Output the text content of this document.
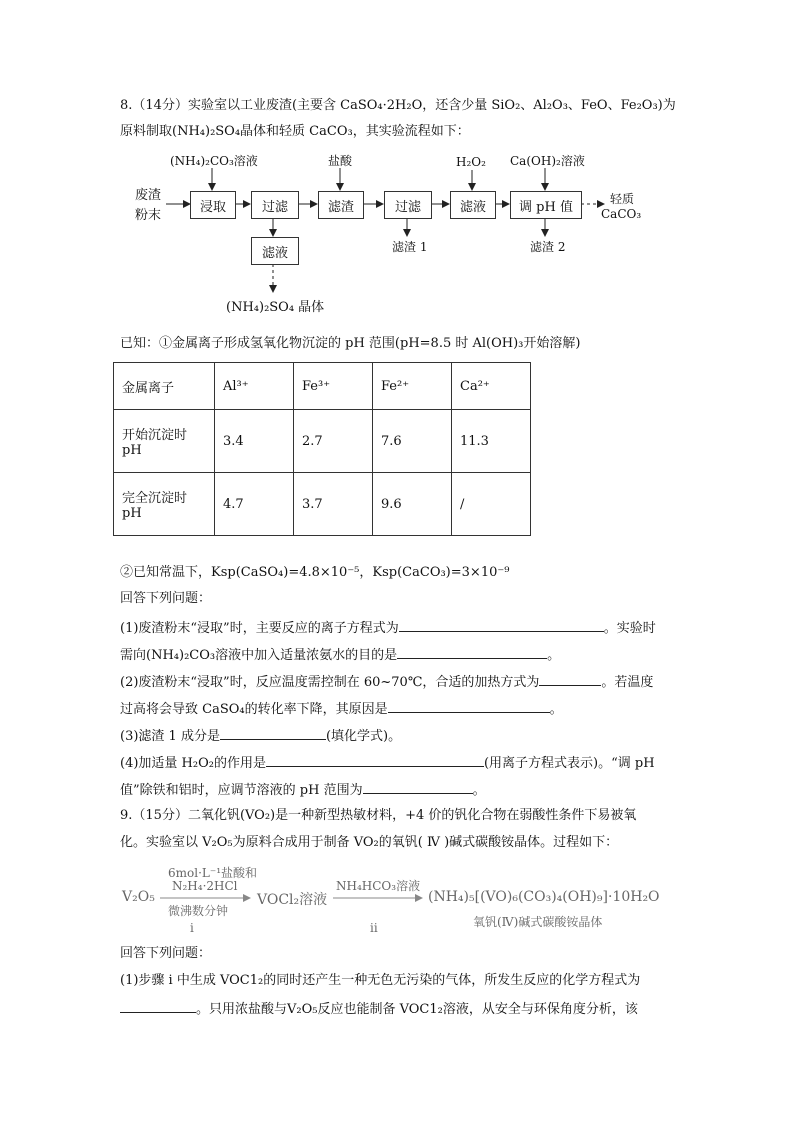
8.（14分）实验室以工业废渣(主要含 CaSO₄·2H₂O，还含少量 SiO₂、Al₂O₃、FeO、Fe₂O₃)为
原料制取(NH₄)₂SO₄晶体和轻质 CaCO₃，其实验流程如下：
(NH₄)₂CO₃溶液	盐酸	H₂O₂ Ca(OH)₂溶液
废渣
粉末
浸取	过滤	滤渣	过滤	滤液	调 pH 值
滤液	滤渣 1	滤渣 2
轻质
CaCO₃
(NH₄)₂SO₄ 晶体
已知：①金属离子形成氢氧化物沉淀的 pH 范围(pH=8.5 时 Al(OH)₃开始溶解)
金属离子	Al³⁺	Fe³⁺	Fe²⁺	Ca²⁺

开始沉淀时
pH	3.4	2.7	7.6	11.3

完全沉淀时
pH	4.7	3.7	9.6	/
②已知常温下，Ksp(CaSO₄)=4.8×10⁻⁵，Ksp(CaCO₃)=3×10⁻⁹
回答下列问题：
(1)废渣粉末“浸取”时，主要反应的离子方程式为	。实验时
需向(NH₄)₂CO₃溶液中加入适量浓氨水的目的是	。
(2)废渣粉末“浸取”时，反应温度需控制在 60~70℃，合适的加热方式为	。若温度
过高将会导致 CaSO₄的转化率下降，其原因是	。
(3)滤渣 1 成分是	(填化学式)。
(4)加适量 H₂O₂的作用是	(用离子方程式表示)。“调 pH
值”除铁和铝时，应调节溶液的 pH 范围为	。
9.（15分）二氧化钒(VO₂)是一种新型热敏材料，+4 价的钒化合物在弱酸性条件下易被氧
化。实验室以 V₂O₅为原料合成用于制备 VO₂的氧钒( Ⅳ )碱式碳酸铵晶体。过程如下：
6mol·L⁻¹盐酸和
N₂H₄·2HCl
微沸数分钟
V₂O₅	VOCl₂溶液
NH₄HCO₃溶液
(NH₄)₅[(VO)₆(CO₃)₄(OH)₉]·10H₂O
氧钒(Ⅳ)碱式碳酸铵晶体
i	ii
回答下列问题：
(1)步骤 i 中生成 VOC1₂的同时还产生一种无色无污染的气体，所发生反应的化学方程式为
。只用浓盐酸与V₂O₅反应也能制备 VOC1₂溶液，从安全与环保角度分析，该
